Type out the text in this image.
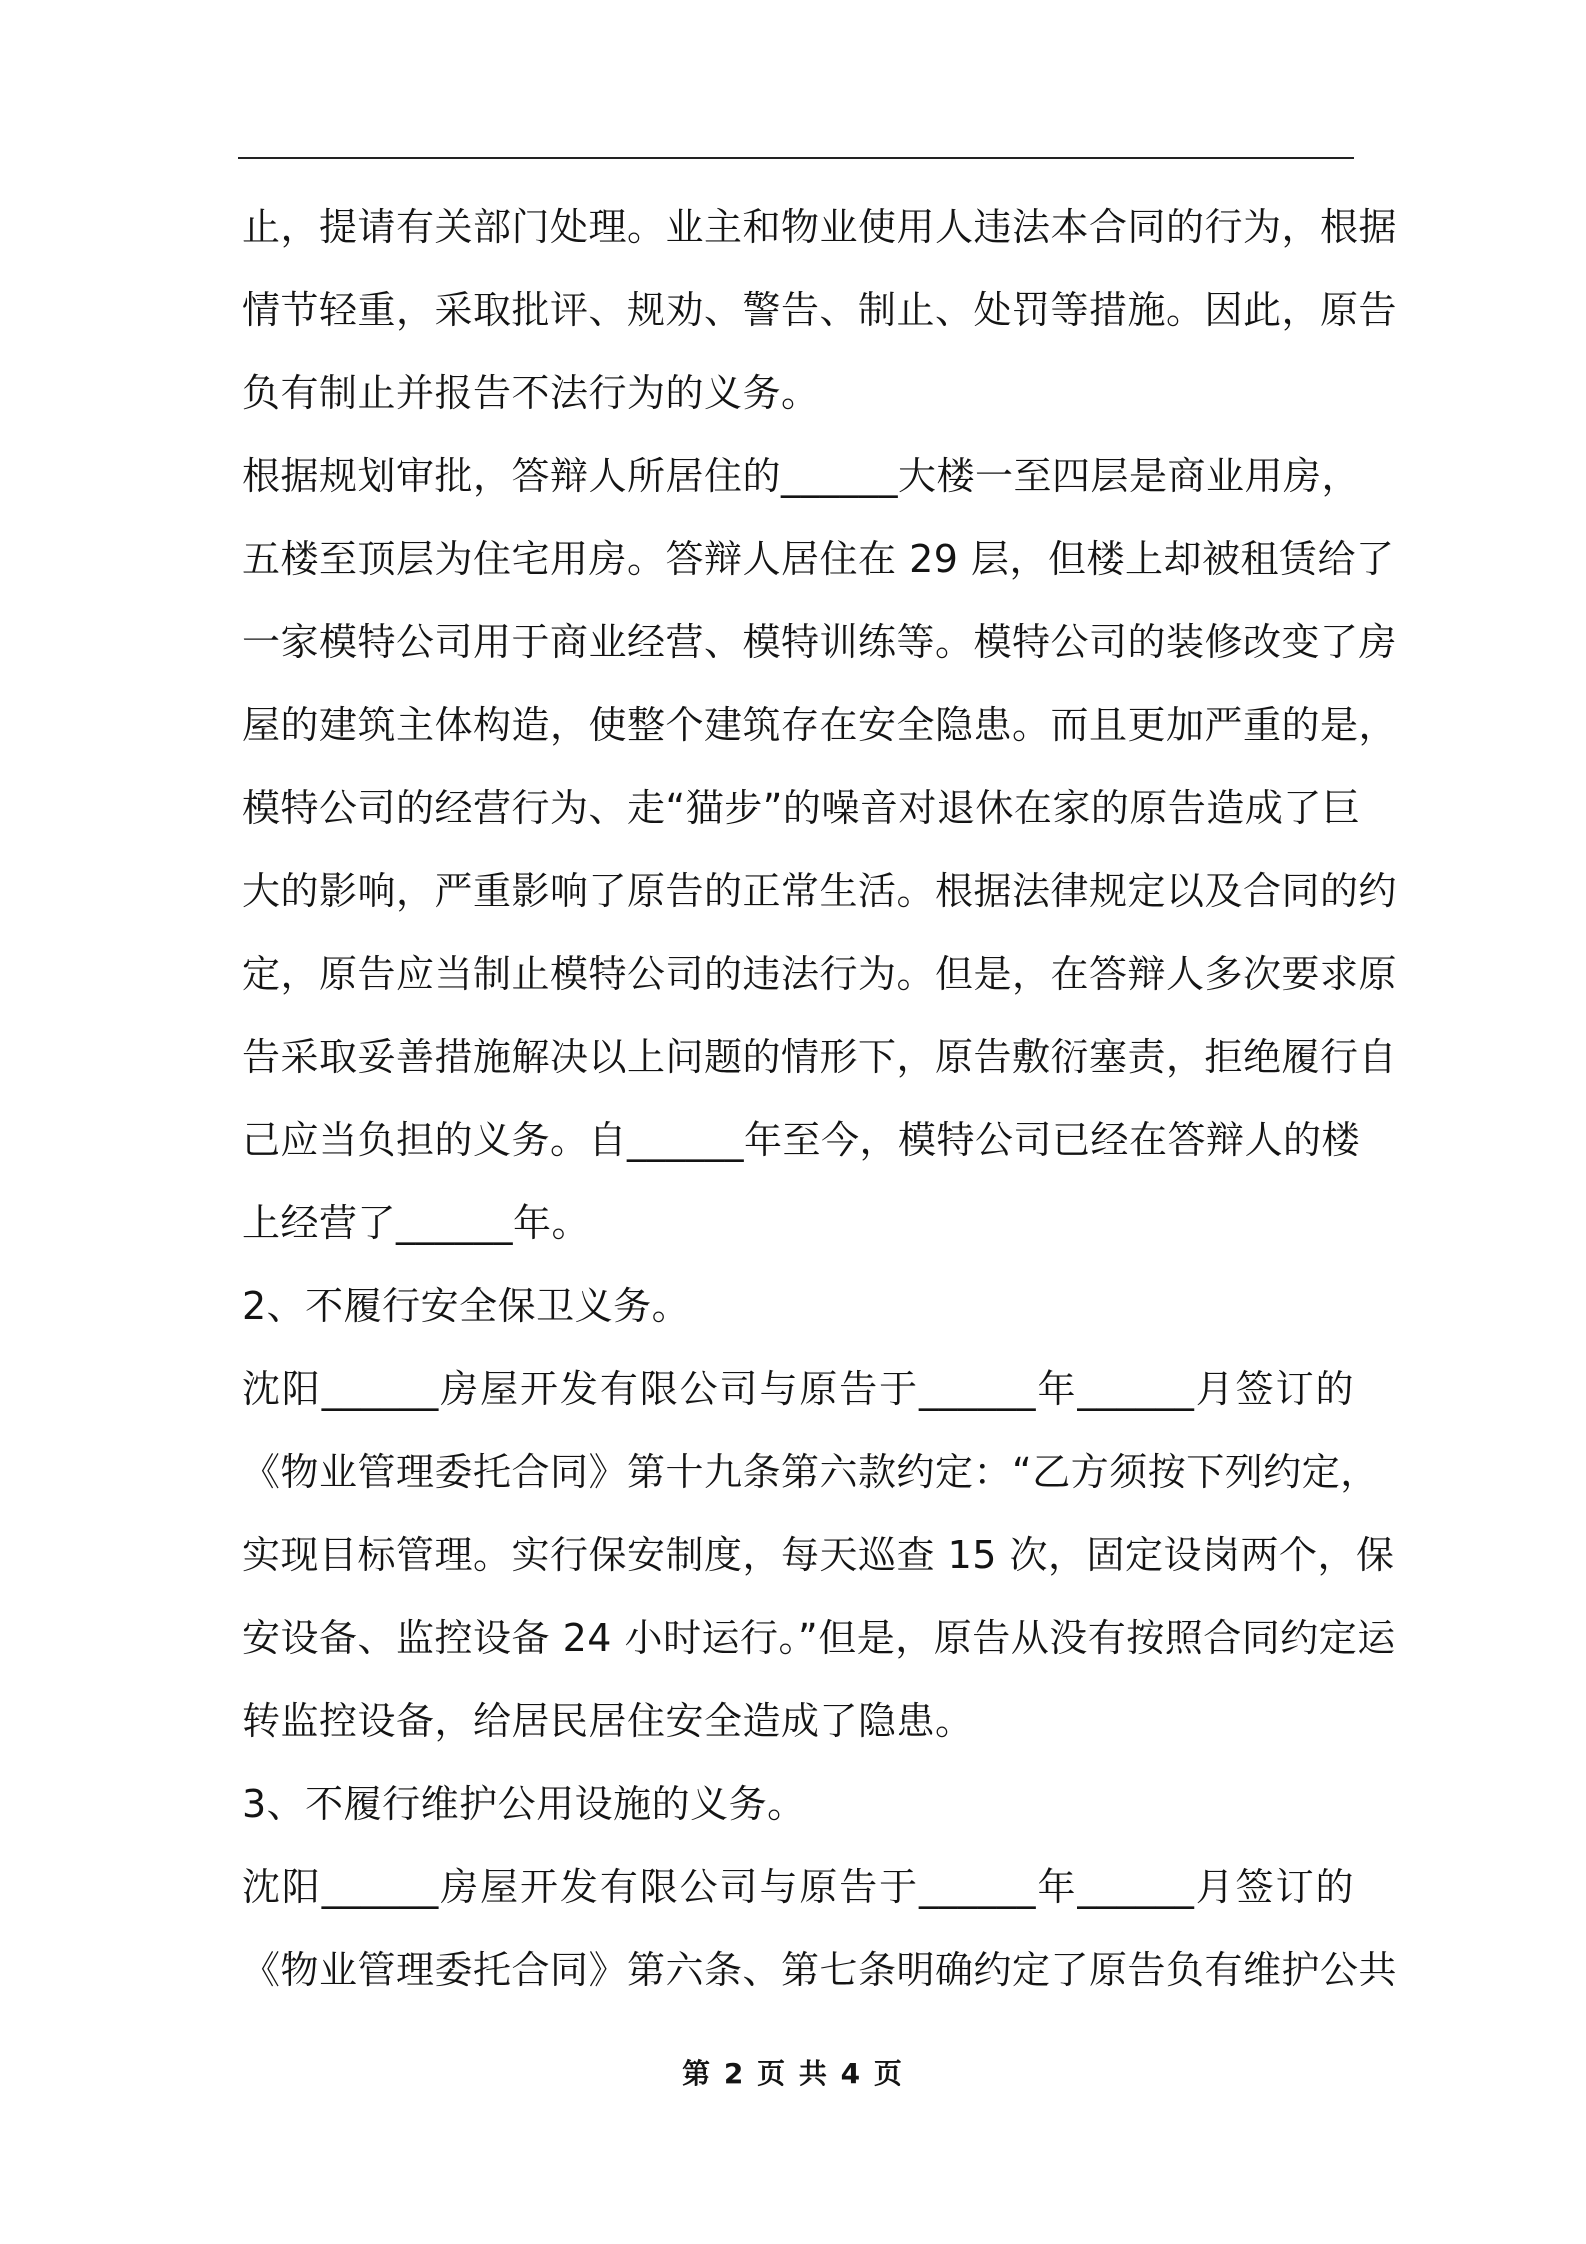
止，提请有关部门处理。业主和物业使用人违法本合同的行为，根据
情节轻重，采取批评、规劝、警告、制止、处罚等措施。因此，原告
负有制止并报告不法行为的义务。
根据规划审批，答辩人所居住的______大楼一至四层是商业用房，
五楼至顶层为住宅用房。答辩人居住在 29 层，但楼上却被租赁给了
一家模特公司用于商业经营、模特训练等。模特公司的装修改变了房
屋的建筑主体构造，使整个建筑存在安全隐患。而且更加严重的是，
模特公司的经营行为、走“猫步”的噪音对退休在家的原告造成了巨
大的影响，严重影响了原告的正常生活。根据法律规定以及合同的约
定，原告应当制止模特公司的违法行为。但是，在答辩人多次要求原
告采取妥善措施解决以上问题的情形下，原告敷衍塞责，拒绝履行自
己应当负担的义务。自______年至今，模特公司已经在答辩人的楼
上经营了______年。
2、不履行安全保卫义务。
沈阳______房屋开发有限公司与原告于______年______月签订的
《物业管理委托合同》第十九条第六款约定：“乙方须按下列约定，
实现目标管理。实行保安制度，每天巡查 15 次，固定设岗两个，保
安设备、监控设备 24 小时运行。”但是，原告从没有按照合同约定运
转监控设备，给居民居住安全造成了隐患。
3、不履行维护公用设施的义务。
沈阳______房屋开发有限公司与原告于______年______月签订的
《物业管理委托合同》第六条、第七条明确约定了原告负有维护公共
第 2 页 共 4 页
